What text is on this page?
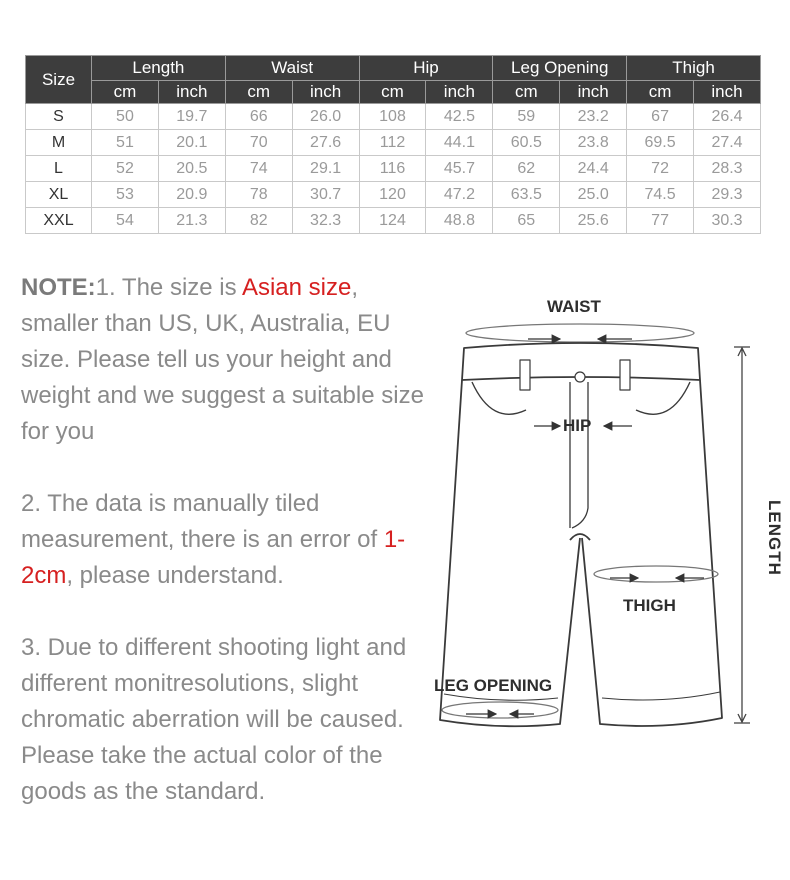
Size	Length		Waist		Hip		Leg Opening		Thigh	
	cm	inch	cm	inch	cm	inch	cm	inch	cm	inch
S	50	19.7	66	26.0	108	42.5	59	23.2	67	26.4
M	51	20.1	70	27.6	112	44.1	60.5	23.8	69.5	27.4
L	52	20.5	74	29.1	116	45.7	62	24.4	72	28.3
XL	53	20.9	78	30.7	120	47.2	63.5	25.0	74.5	29.3
XXL	54	21.3	82	32.3	124	48.8	65	25.6	77	30.3

NOTE:1. The size is Asian size, smaller than US, UK, Australia, EU size. Please tell us your height and weight and we suggest a suitable size for you

2. The data is manually tiled measurement, there is an error of 1-2cm, please understand.

3. Due to different shooting light and different monitresolutions, slight chromatic aberration will be caused. Please take the actual color of the goods as the standard.

WAIST
HIP
THIGH
LEG OPENING
LENGTH
